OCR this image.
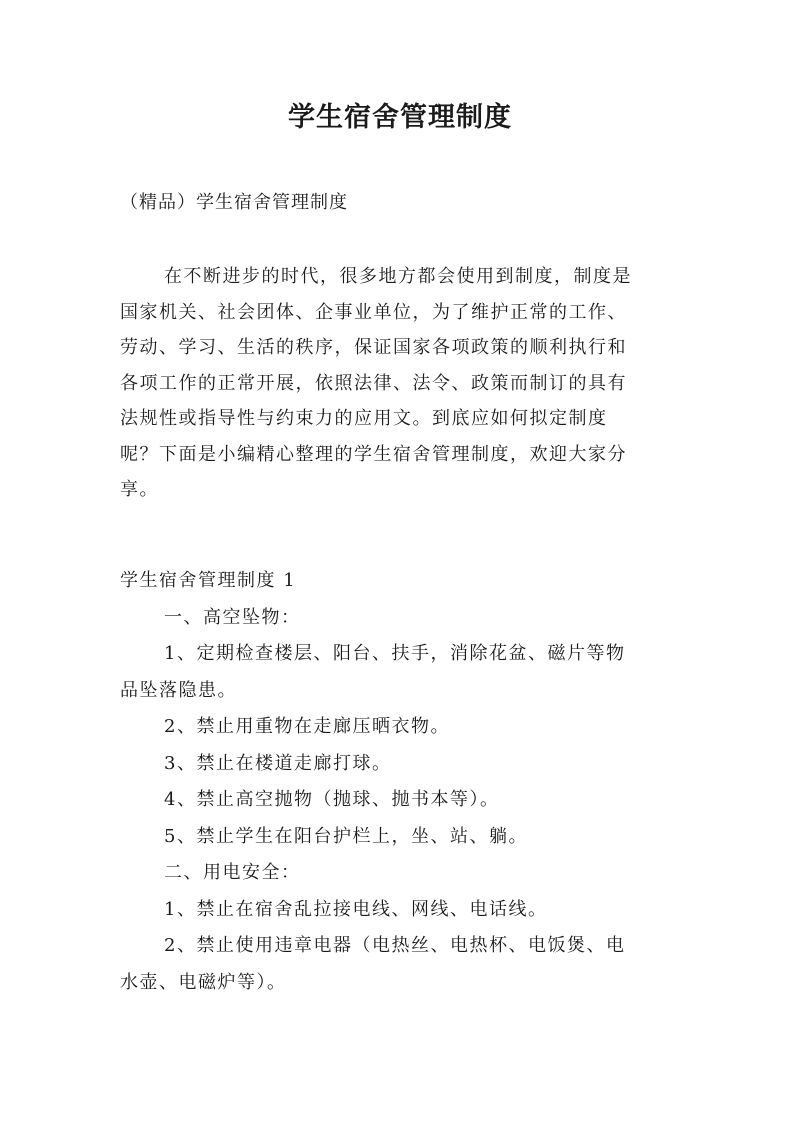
学生宿舍管理制度
（精品）学生宿舍管理制度
在不断进步的时代，很多地方都会使用到制度，制度是
国家机关、社会团体、企事业单位，为了维护正常的工作、
劳动、学习、生活的秩序，保证国家各项政策的顺利执行和
各项工作的正常开展，依照法律、法令、政策而制订的具有
法规性或指导性与约束力的应用文。到底应如何拟定制度
呢？下面是小编精心整理的学生宿舍管理制度，欢迎大家分
享。
学生宿舍管理制度 1
一、高空坠物：
1、定期检查楼层、阳台、扶手，消除花盆、磁片等物
品坠落隐患。
2、禁止用重物在走廊压晒衣物。
3、禁止在楼道走廊打球。
4、禁止高空抛物（抛球、抛书本等）。
5、禁止学生在阳台护栏上，坐、站、躺。
二、用电安全：
1、禁止在宿舍乱拉接电线、网线、电话线。
2、禁止使用违章电器（电热丝、电热杯、电饭煲、电
水壶、电磁炉等）。
